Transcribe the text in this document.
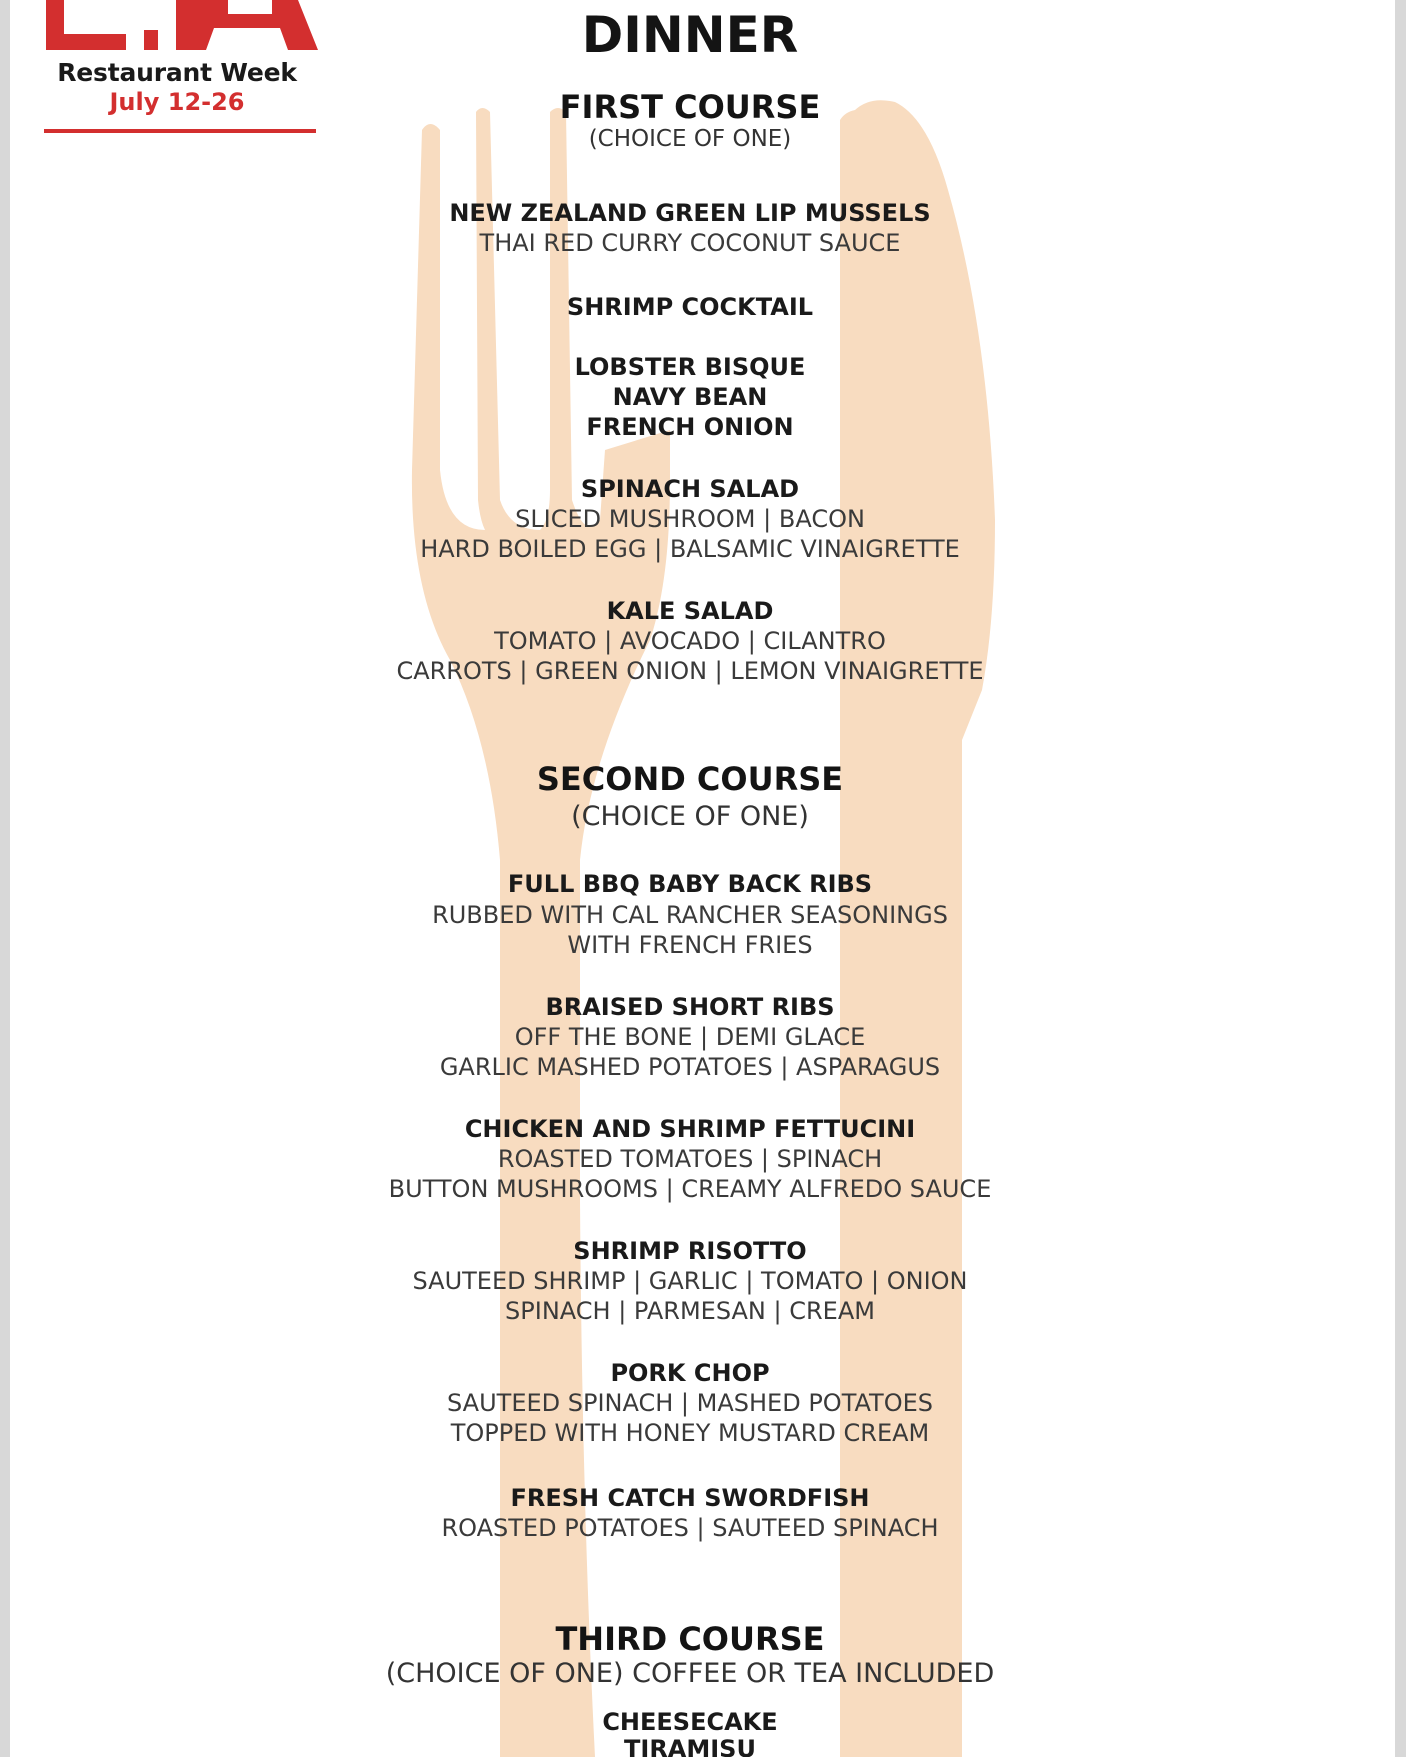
Restaurant Week
July 12-26
DINNER
FIRST COURSE
(CHOICE OF ONE)
NEW ZEALAND GREEN LIP MUSSELS
THAI RED CURRY COCONUT SAUCE
SHRIMP COCKTAIL
LOBSTER BISQUE
NAVY BEAN
FRENCH ONION
SPINACH SALAD
SLICED MUSHROOM | BACON
HARD BOILED EGG | BALSAMIC VINAIGRETTE
KALE SALAD
TOMATO | AVOCADO | CILANTRO
CARROTS | GREEN ONION | LEMON VINAIGRETTE
SECOND COURSE
(CHOICE OF ONE)
FULL BBQ BABY BACK RIBS
RUBBED WITH CAL RANCHER SEASONINGS
WITH FRENCH FRIES
BRAISED SHORT RIBS
OFF THE BONE | DEMI GLACE
GARLIC MASHED POTATOES | ASPARAGUS
CHICKEN AND SHRIMP FETTUCINI
ROASTED TOMATOES | SPINACH
BUTTON MUSHROOMS | CREAMY ALFREDO SAUCE
SHRIMP RISOTTO
SAUTEED SHRIMP | GARLIC | TOMATO | ONION
SPINACH | PARMESAN | CREAM
PORK CHOP
SAUTEED SPINACH | MASHED POTATOES
TOPPED WITH HONEY MUSTARD CREAM
FRESH CATCH SWORDFISH
ROASTED POTATOES | SAUTEED SPINACH
THIRD COURSE
(CHOICE OF ONE) COFFEE OR TEA INCLUDED
CHEESECAKE
TIRAMISU
